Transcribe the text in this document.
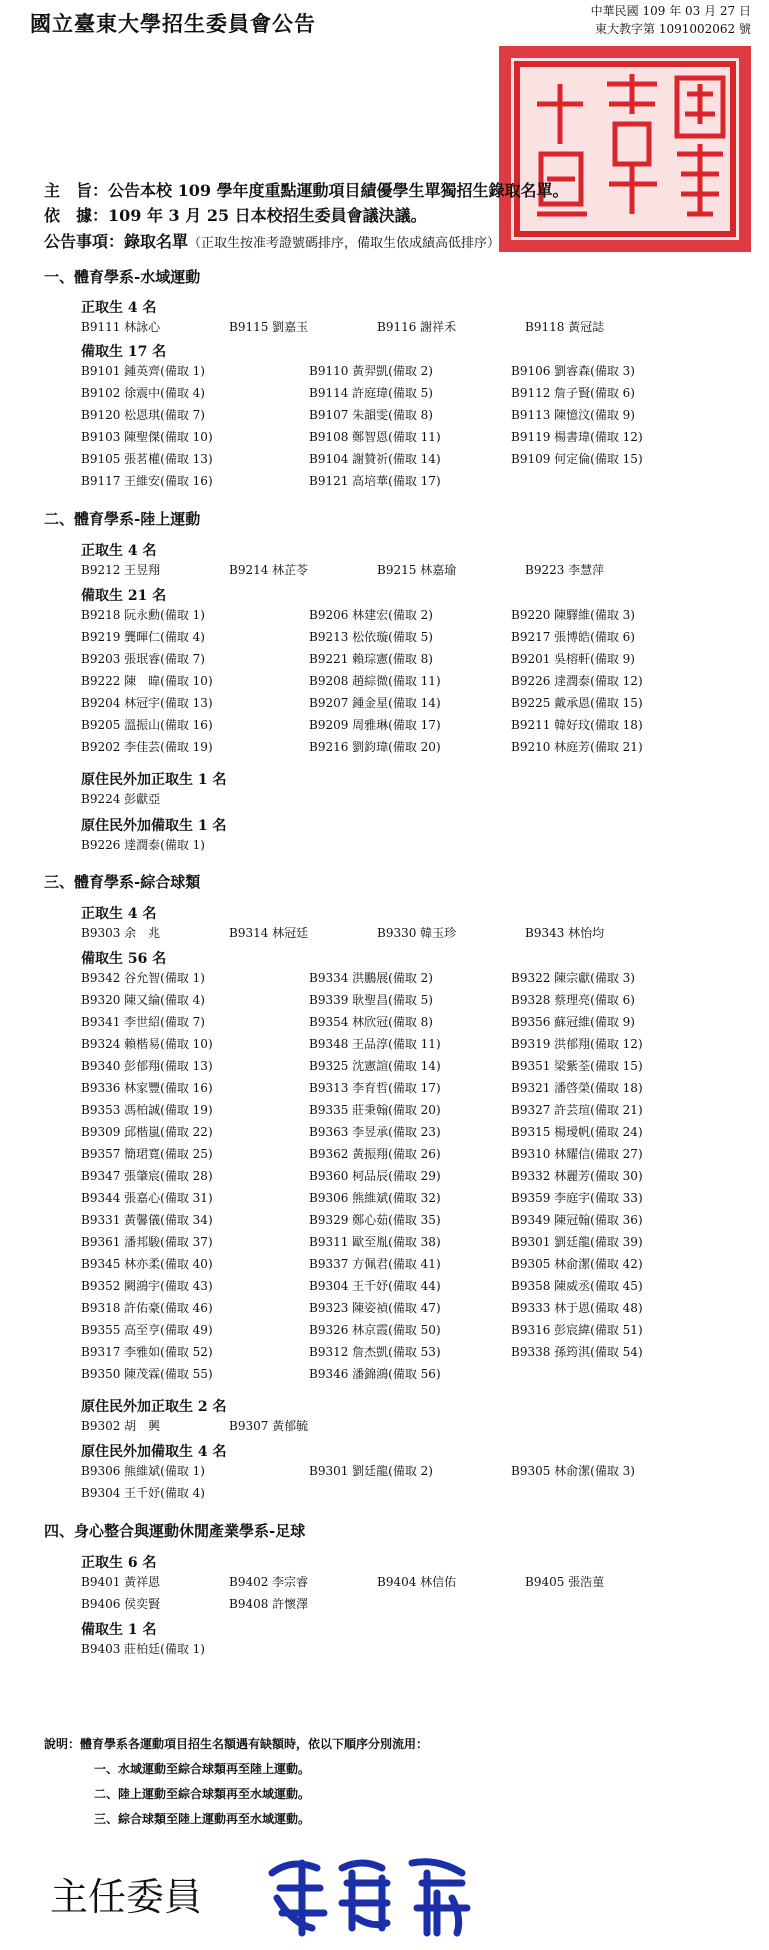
國立臺東大學招生委員會公告	中華民國 109 年 03 月 27 日
東大教字第 1091002062 號
主　旨：公告本校 109 學年度重點運動項目績優學生單獨招生錄取名單。
依　據：109 年 3 月 25 日本校招生委員會議決議。
公告事項：錄取名單（正取生按准考證號碼排序，備取生依成績高低排序）
一、體育學系-水域運動
正取生 4 名
B9111 林詠心	B9115 劉嘉玉	B9116 謝祥禾	B9118 黃冠誌
備取生 17 名
B9101 鍾英齊(備取 1)	B9110 黃羿凱(備取 2)	B9106 劉睿森(備取 3)
B9102 徐震中(備取 4)	B9114 許庭瑋(備取 5)	B9112 詹子賢(備取 6)
B9120 松恩琪(備取 7)	B9107 朱韻雯(備取 8)	B9113 陳憶汶(備取 9)
B9103 陳聖傑(備取 10)	B9108 鄭智恩(備取 11)	B9119 楊書瑋(備取 12)
B9105 張茗權(備取 13)	B9104 謝贊祈(備取 14)	B9109 何定倫(備取 15)
B9117 王維安(備取 16)	B9121 高培華(備取 17)
二、體育學系-陸上運動
正取生 4 名
B9212 王昱翔	B9214 林芷苓	B9215 林嘉瑜	B9223 李慧萍
備取生 21 名
B9218 阮永勳(備取 1)	B9206 林建宏(備取 2)	B9220 陳驛維(備取 3)
B9219 龔暉仁(備取 4)	B9213 松依璇(備取 5)	B9217 張博皓(備取 6)
B9203 張珉睿(備取 7)	B9221 賴琮憲(備取 8)	B9201 吳榕軒(備取 9)
B9222 陳　暐(備取 10)	B9208 趙綜微(備取 11)	B9226 達潤泰(備取 12)
B9204 林冠宇(備取 13)	B9207 鍾金星(備取 14)	B9225 戴承恩(備取 15)
B9205 溫振山(備取 16)	B9209 周雅琳(備取 17)	B9211 韓好玟(備取 18)
B9202 李佳芸(備取 19)	B9216 劉鈞瑋(備取 20)	B9210 林庭芳(備取 21)
原住民外加正取生 1 名
B9224 彭獻亞
原住民外加備取生 1 名
B9226 達潤泰(備取 1)
三、體育學系-綜合球類
正取生 4 名
B9303 余　兆	B9314 林冠廷	B9330 韓玉珍	B9343 林怡均
備取生 56 名
B9342 谷允智(備取 1)	B9334 洪鵬展(備取 2)	B9322 陳宗獻(備取 3)
B9320 陳又綸(備取 4)	B9339 耿聖昌(備取 5)	B9328 蔡理亮(備取 6)
B9341 李世紹(備取 7)	B9354 林欣冠(備取 8)	B9356 蘇冠維(備取 9)
B9324 賴楷易(備取 10)	B9348 王品淳(備取 11)	B9319 洪郁翔(備取 12)
B9340 彭郁翔(備取 13)	B9325 沈憲諠(備取 14)	B9351 梁紫荃(備取 15)
B9336 林家豐(備取 16)	B9313 李育哲(備取 17)	B9321 潘啓榮(備取 18)
B9353 馮柏誠(備取 19)	B9335 莊秉翰(備取 20)	B9327 許芸瑄(備取 21)
B9309 邱楷嵐(備取 22)	B9363 李昱承(備取 23)	B9315 楊璦帆(備取 24)
B9357 簡珺寬(備取 25)	B9362 黃振翔(備取 26)	B9310 林耀信(備取 27)
B9347 張肇宸(備取 28)	B9360 柯品辰(備取 29)	B9332 林麗芳(備取 30)
B9344 張嘉心(備取 31)	B9306 熊維斌(備取 32)	B9359 李庭宇(備取 33)
B9331 黃馨儀(備取 34)	B9329 鄭心茹(備取 35)	B9349 陳冠翰(備取 36)
B9361 潘邦駿(備取 37)	B9311 歐至胤(備取 38)	B9301 劉廷龍(備取 39)
B9345 林亦柔(備取 40)	B9337 方佩君(備取 41)	B9305 林俞潔(備取 42)
B9352 闕鴻宇(備取 43)	B9304 王千妤(備取 44)	B9358 陳威丞(備取 45)
B9318 許佑豪(備取 46)	B9323 陳姿禎(備取 47)	B9333 林于恩(備取 48)
B9355 高至亨(備取 49)	B9326 林京霞(備取 50)	B9316 彭宸緯(備取 51)
B9317 李雅如(備取 52)	B9312 詹杰凱(備取 53)	B9338 孫筠淇(備取 54)
B9350 陳茂霖(備取 55)	B9346 潘錦鴻(備取 56)
原住民外加正取生 2 名
B9302 胡　興	B9307 黃郁毓
原住民外加備取生 4 名
B9306 熊維斌(備取 1)	B9301 劉廷龍(備取 2)	B9305 林俞潔(備取 3)
B9304 王千妤(備取 4)
四、身心整合與運動休閒產業學系-足球
正取生 6 名
B9401 黃祥恩	B9402 李宗睿	B9404 林信佑	B9405 張浩菫
B9406 侯奕賢	B9408 許懷澤
備取生 1 名
B9403 莊柏廷(備取 1)
說明：體育學系各運動項目招生名額遇有缺額時，依以下順序分別流用：
一、水域運動至綜合球類再至陸上運動。
二、陸上運動至綜合球類再至水域運動。
三、綜合球類至陸上運動再至水域運動。
主任委員
